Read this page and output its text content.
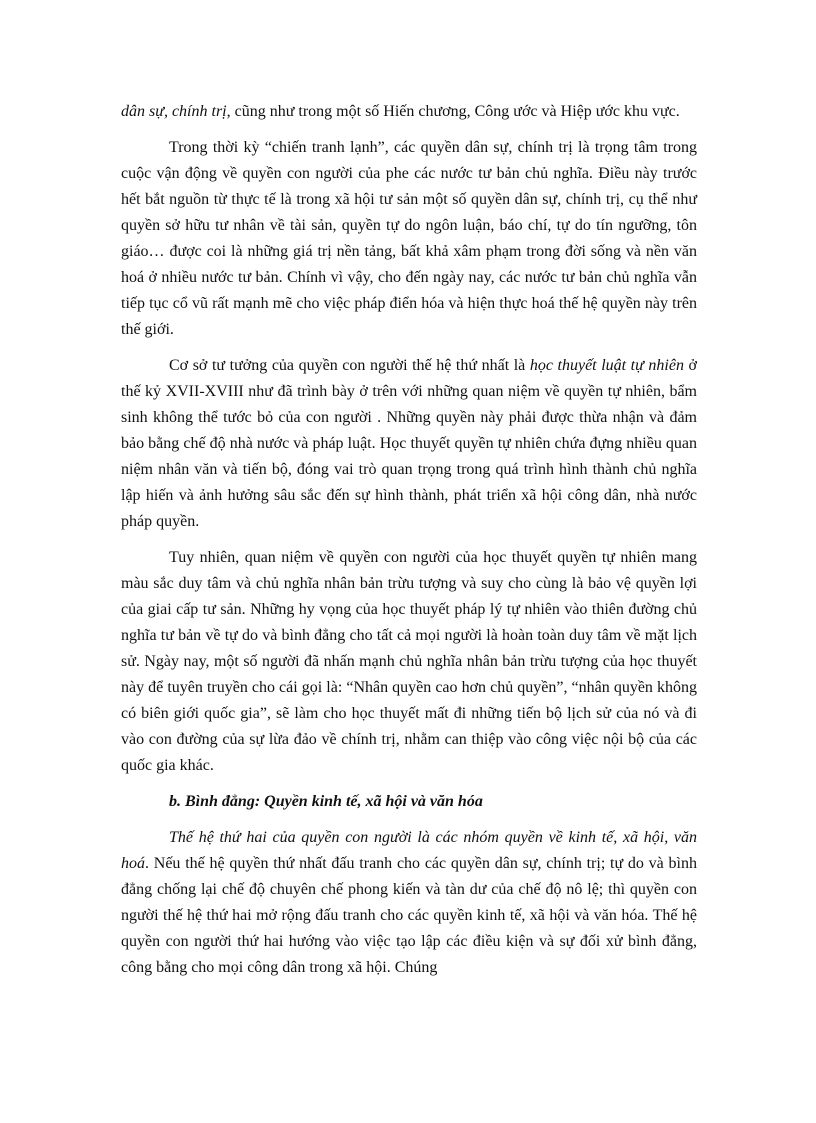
dân sự, chính trị, cũng như trong một số Hiến chương, Công ước và Hiệp ước khu vực.

Trong thời kỳ “chiến tranh lạnh”, các quyền dân sự, chính trị là trọng tâm trong cuộc vận động về quyền con người của phe các nước tư bản chủ nghĩa. Điều này trước hết bắt nguồn từ thực tế là trong xã hội tư sản một số quyền dân sự, chính trị, cụ thể như quyền sở hữu tư nhân về tài sản, quyền tự do ngôn luận, báo chí, tự do tín ngưỡng, tôn giáo… được coi là những giá trị nền tảng, bất khả xâm phạm trong đời sống và nền văn hoá ở nhiều nước tư bản. Chính vì vậy, cho đến ngày nay, các nước tư bản chủ nghĩa vẫn tiếp tục cổ vũ rất mạnh mẽ cho việc pháp điển hóa và hiện thực hoá thế hệ quyền này trên thế giới.

Cơ sở tư tưởng của quyền con người thế hệ thứ nhất là học thuyết luật tự nhiên ở thế kỷ XVII-XVIII như đã trình bày ở trên với những quan niệm về quyền tự nhiên, bẩm sinh không thể tước bỏ của con người . Những quyền này phải được thừa nhận và đảm bảo bằng chế độ nhà nước và pháp luật. Học thuyết quyền tự nhiên chứa đựng nhiều quan niệm nhân văn và tiến bộ, đóng vai trò quan trọng trong quá trình hình thành chủ nghĩa lập hiến và ảnh hưởng sâu sắc đến sự hình thành, phát triển xã hội công dân, nhà nước pháp quyền.

Tuy nhiên, quan niệm về quyền con người của học thuyết quyền tự nhiên mang màu sắc duy tâm và chủ nghĩa nhân bản trừu tượng và suy cho cùng là bảo vệ quyền lợi của giai cấp tư sản. Những hy vọng của học thuyết pháp lý tự nhiên vào thiên đường chủ nghĩa tư bản về tự do và bình đẳng cho tất cả mọi người là hoàn toàn duy tâm về mặt lịch sử. Ngày nay, một số người đã nhấn mạnh chủ nghĩa nhân bản trừu tượng của học thuyết này để tuyên truyền cho cái gọi là: “Nhân quyền cao hơn chủ quyền”, “nhân quyền không có biên giới quốc gia”, sẽ làm cho học thuyết mất đi những tiến bộ lịch sử của nó và đi vào con đường của sự lừa đảo về chính trị, nhằm can thiệp vào công việc nội bộ của các quốc gia khác.

b. Bình đẳng: Quyền kinh tế, xã hội và văn hóa

Thế hệ thứ hai của quyền con người là các nhóm quyền về kinh tế, xã hội, văn hoá. Nếu thế hệ quyền thứ nhất đấu tranh cho các quyền dân sự, chính trị; tự do và bình đẳng chống lại chế độ chuyên chế phong kiến và tàn dư của chế độ nô lệ; thì quyền con người thế hệ thứ hai mở rộng đấu tranh cho các quyền kinh tế, xã hội và văn hóa. Thế hệ quyền con người thứ hai hướng vào việc tạo lập các điều kiện và sự đối xử bình đẳng, công bằng cho mọi công dân trong xã hội. Chúng
